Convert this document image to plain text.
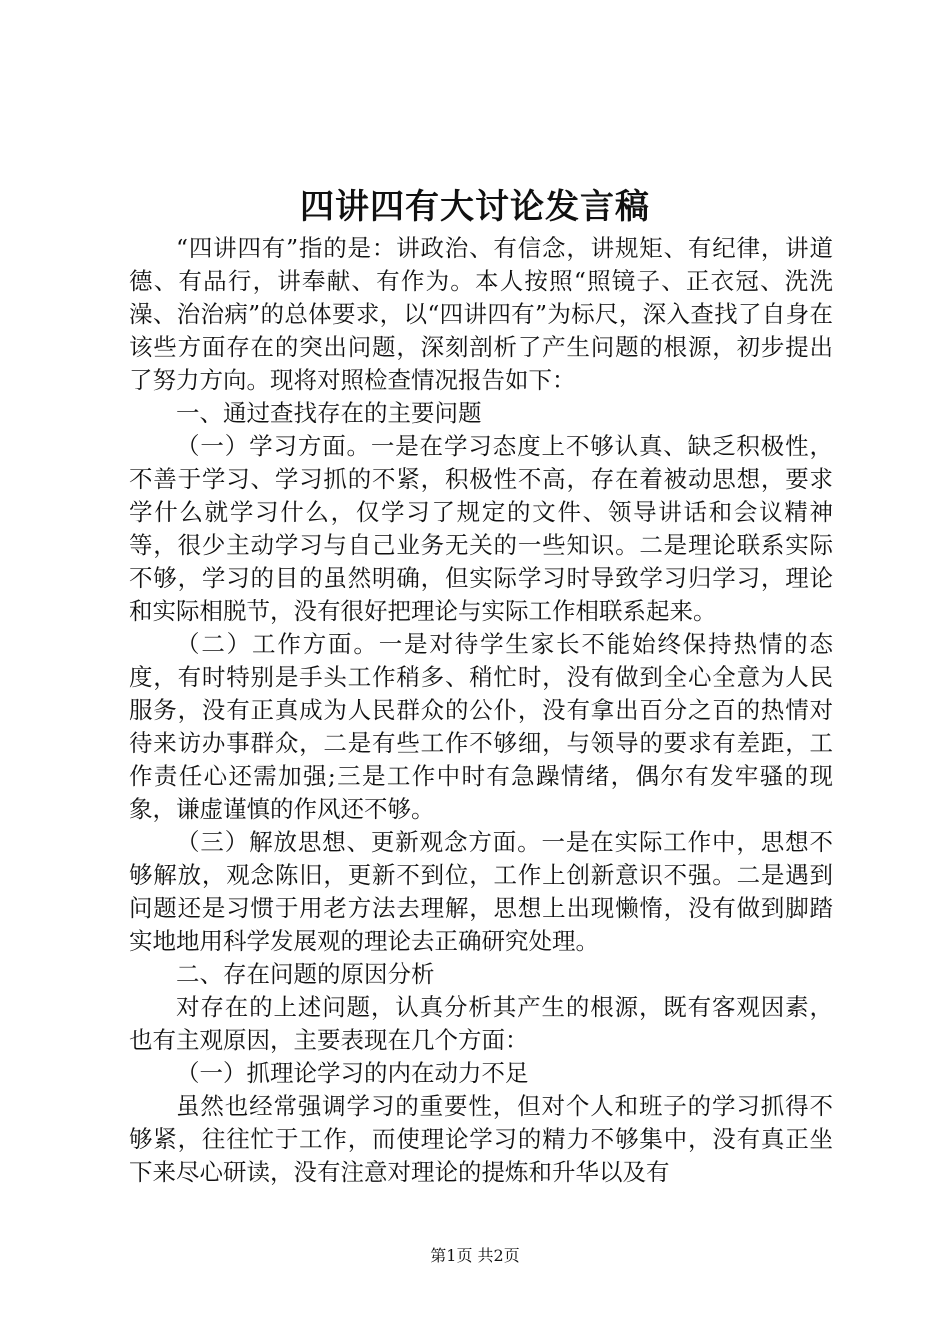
四讲四有大讨论发言稿

“四讲四有”指的是：讲政治、有信念，讲规矩、有纪律，讲道德、有品行，讲奉献、有作为。本人按照“照镜子、正衣冠、洗洗澡、治治病”的总体要求，以“四讲四有”为标尺，深入查找了自身在该些方面存在的突出问题，深刻剖析了产生问题的根源，初步提出了努力方向。现将对照检查情况报告如下：

一、通过查找存在的主要问题

（一）学习方面。一是在学习态度上不够认真、缺乏积极性，不善于学习、学习抓的不紧，积极性不高，存在着被动思想，要求学什么就学习什么，仅学习了规定的文件、领导讲话和会议精神等，很少主动学习与自己业务无关的一些知识。二是理论联系实际不够，学习的目的虽然明确，但实际学习时导致学习归学习，理论和实际相脱节，没有很好把理论与实际工作相联系起来。

（二）工作方面。一是对待学生家长不能始终保持热情的态度，有时特别是手头工作稍多、稍忙时，没有做到全心全意为人民服务，没有正真成为人民群众的公仆，没有拿出百分之百的热情对待来访办事群众，二是有些工作不够细，与领导的要求有差距，工作责任心还需加强;三是工作中时有急躁情绪，偶尔有发牢骚的现象，谦虚谨慎的作风还不够。

（三）解放思想、更新观念方面。一是在实际工作中，思想不够解放，观念陈旧，更新不到位，工作上创新意识不强。二是遇到问题还是习惯于用老方法去理解，思想上出现懒惰，没有做到脚踏实地地用科学发展观的理论去正确研究处理。

二、存在问题的原因分析

对存在的上述问题，认真分析其产生的根源，既有客观因素，也有主观原因，主要表现在几个方面：

（一）抓理论学习的内在动力不足

虽然也经常强调学习的重要性，但对个人和班子的学习抓得不够紧，往往忙于工作，而使理论学习的精力不够集中，没有真正坐下来尽心研读，没有注意对理论的提炼和升华以及有

第1页 共2页
